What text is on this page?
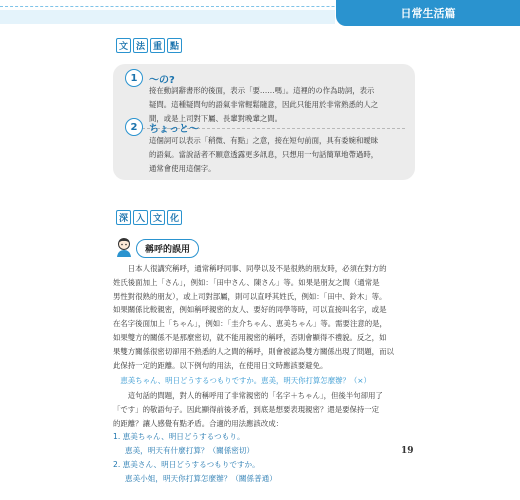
日常生活篇
文 法 重 點
1	〜の?
接在動詞辭書形的後面，表示「要……嗎」。這裡的の作為助詞，表示
疑問。這種疑問句的語氣非常輕鬆隨意，因此只能用於非常熟悉的人之
間，或是上司對下屬、長輩對晚輩之間。
2	ちょっと〜
這個詞可以表示「稍微、有點」之意，接在短句前面，具有委婉和曖昧
的語氣。當說話者不願意透露更多訊息，只想用一句話簡單地帶過時，
通常會使用這個字。
深 入 文 化
稱呼的誤用
日本人很講究稱呼，通常稱呼同事、同學以及不是很熟的朋友時，必須在對方的
姓氏後面加上「さん」，例如：「田中さん、陳さん」等。如果是朋友之間（通常是
男性對很熟的朋友），或上司對部屬，則可以直呼其姓氏，例如：「田中、鈴木」等。
如果關係比較親密，例如稱呼親密的友人、要好的同學等時，可以直接叫名字，或是
在名字後面加上「ちゃん」，例如：「圭介ちゃん、恵美ちゃん」等。需要注意的是，
如果雙方的關係不是那麼密切，就不能用親密的稱呼，否則會顯得不禮貌。反之，如
果雙方關係很密切卻用不熟悉的人之間的稱呼，則會被認為雙方關係出現了問題，而以
此保持一定的距離。以下例句的用法，在使用日文時應該要避免。
恵美ちゃん、明日どうするつもりですか。恵美，明天你打算怎麼辦？（×）
這句話的問題，對人的稱呼用了非常親密的「名字＋ちゃん」，但後半句卻用了
「です」的敬語句子。因此顯得前後矛盾，到底是想要表現親密？還是要保持一定
的距離？讓人感覺有點矛盾。合適的用法應該改成：
1. 恵美ちゃん、明日どうするつもり。
恵美，明天有什麼打算？（關係密切）
2. 恵美さん、明日どうするつもりですか。
恵美小姐，明天你打算怎麼辦？（關係普通）
19
